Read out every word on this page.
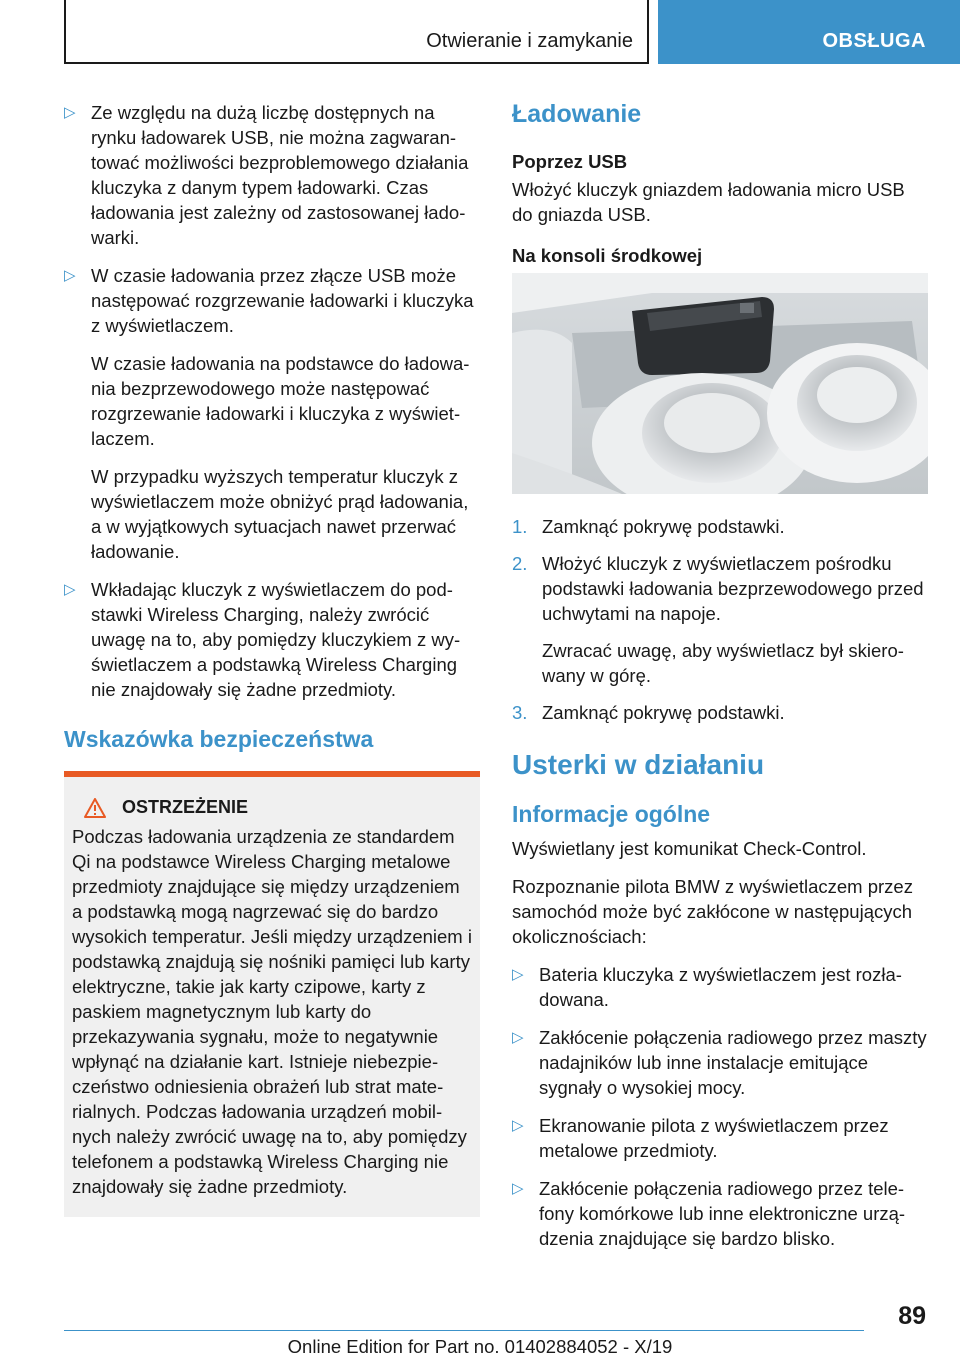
Otwieranie i zamykanie	OBSŁUGA
▷ Ze względu na dużą liczbę dostępnych na rynku ładowarek USB, nie można zagwarantować możliwości bezproblemowego działania kluczyka z danym typem ładowarki. Czas ładowania jest zależny od zastosowanej ładowarki.
▷ W czasie ładowania przez złącze USB może następować rozgrzewanie ładowarki i kluczyka z wyświetlaczem.
W czasie ładowania na podstawce do ładowania bezprzewodowego może następować rozgrzewanie ładowarki i kluczyka z wyświetlaczem.
W przypadku wyższych temperatur kluczyk z wyświetlaczem może obniżyć prąd ładowania, a w wyjątkowych sytuacjach nawet przerwać ładowanie.
▷ Wkładając kluczyk z wyświetlaczem do podstawki Wireless Charging, należy zwrócić uwagę na to, aby pomiędzy kluczykiem z wyświetlaczem a podstawką Wireless Charging nie znajdowały się żadne przedmioty.
Wskazówka bezpieczeństwa
OSTRZEŻENIE
Podczas ładowania urządzenia ze standardem Qi na podstawce Wireless Charging metalowe przedmioty znajdujące się między urządzeniem a podstawką mogą nagrzewać się do bardzo wysokich temperatur. Jeśli między urządzeniem i podstawką znajdują się nośniki pamięci lub karty elektryczne, takie jak karty czipowe, karty z paskiem magnetycznym lub karty do przekazywania sygnału, może to negatywnie wpłynąć na działanie kart. Istnieje niebezpieczeństwo odniesienia obrażeń lub strat materialnych. Podczas ładowania urządzeń mobilnych należy zwrócić uwagę na to, aby pomiędzy telefonem a podstawką Wireless Charging nie znajdowały się żadne przedmioty.
Ładowanie
Poprzez USB
Włożyć kluczyk gniazdem ładowania micro USB do gniazda USB.
Na konsoli środkowej
1. Zamknąć pokrywę podstawki.
2. Włożyć kluczyk z wyświetlaczem pośrodku podstawki ładowania bezprzewodowego przed uchwytami na napoje.
Zwracać uwagę, aby wyświetlacz był skierowany w górę.
3. Zamknąć pokrywę podstawki.
Usterki w działaniu
Informacje ogólne
Wyświetlany jest komunikat Check-Control.
Rozpoznanie pilota BMW z wyświetlaczem przez samochód może być zakłócone w następujących okolicznościach:
▷ Bateria kluczyka z wyświetlaczem jest rozładowana.
▷ Zakłócenie połączenia radiowego przez maszty nadajników lub inne instalacje emitujące sygnały o wysokiej mocy.
▷ Ekranowanie pilota z wyświetlaczem przez metalowe przedmioty.
▷ Zakłócenie połączenia radiowego przez telefony komórkowe lub inne elektroniczne urządzenia znajdujące się bardzo blisko.
89
Online Edition for Part no. 01402884052 - X/19
